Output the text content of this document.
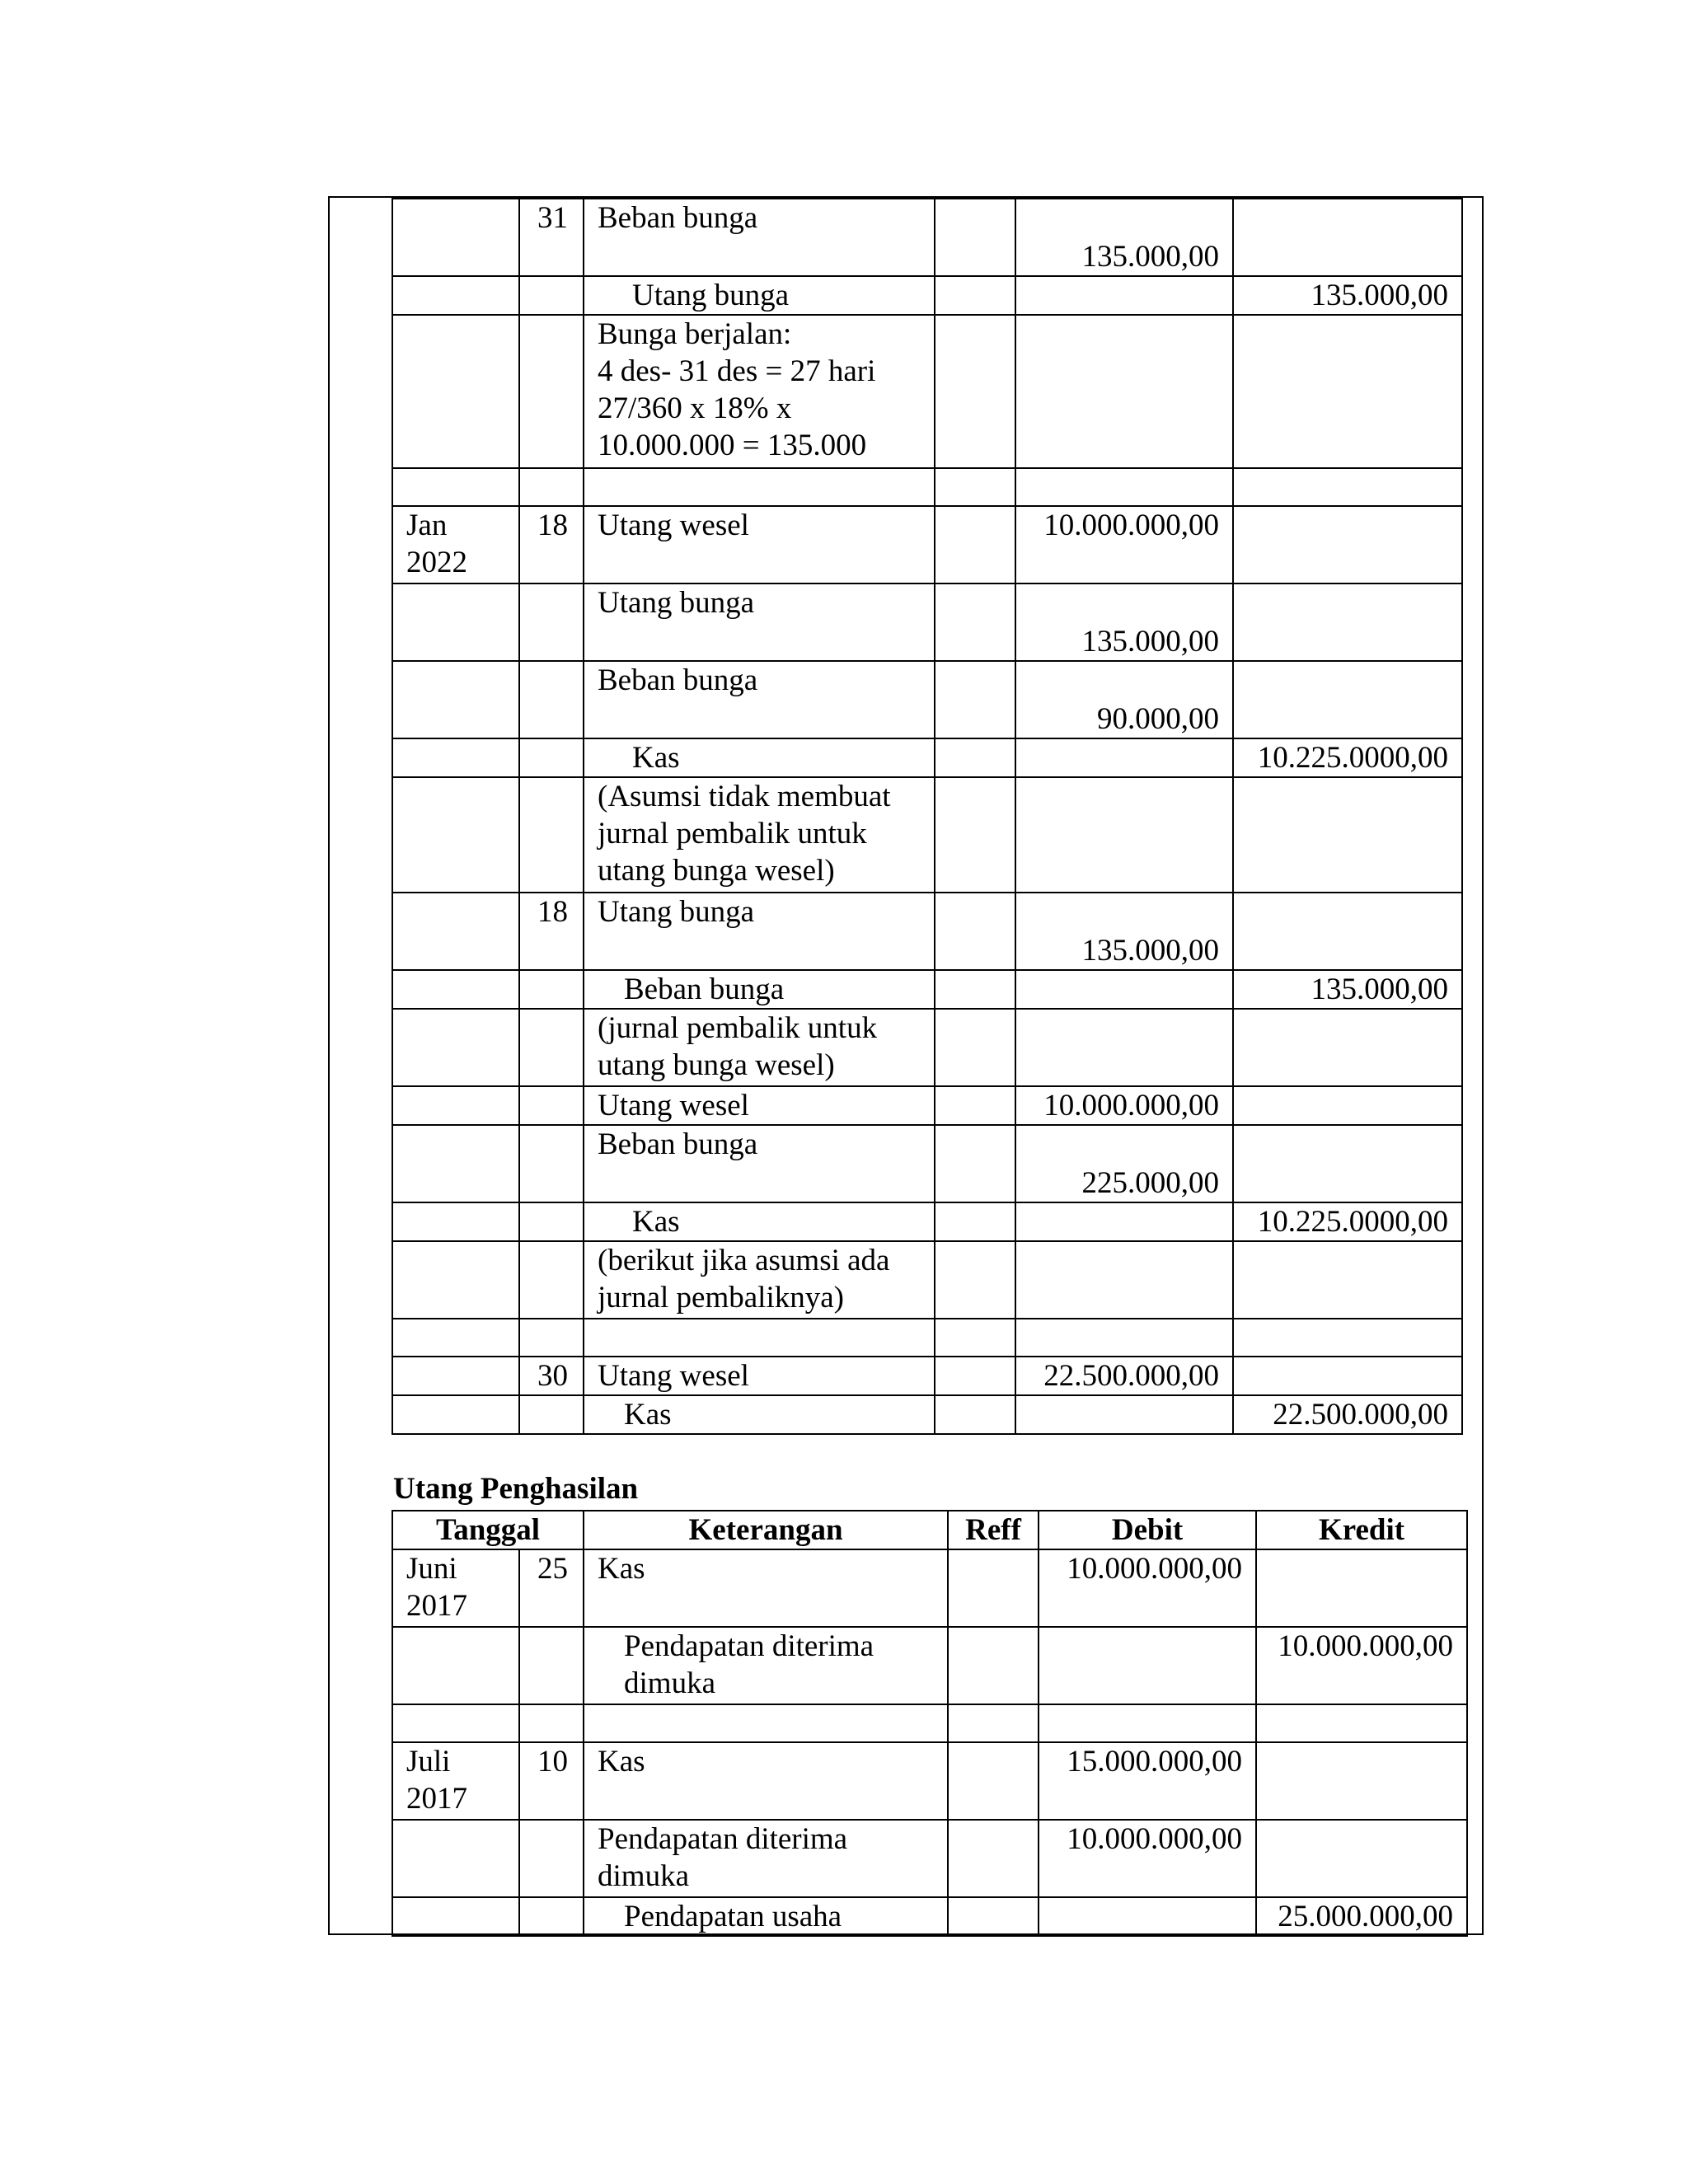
	31	Beban bunga		135.000,00	
		Utang bunga			135.000,00
		Bunga berjalan:
4 des- 31 des = 27 hari
27/360 x 18% x
10.000.000 = 135.000			

Jan
2022	18	Utang wesel		10.000.000,00	
		Utang bunga		135.000,00	
		Beban bunga		90.000,00	
		Kas			10.225.0000,00
		(Asumsi tidak membuat
jurnal pembalik untuk
utang bunga wesel)			
	18	Utang bunga		135.000,00	
		Beban bunga			135.000,00
		(jurnal pembalik untuk
utang bunga wesel)			
		Utang wesel		10.000.000,00	
		Beban bunga		225.000,00	
		Kas			10.225.0000,00
		(berikut jika asumsi ada
jurnal pembaliknya)			

	30	Utang wesel		22.500.000,00	
		Kas			22.500.000,00
Utang Penghasilan
Tanggal		Keterangan	Reff	Debit	Kredit
Juni
2017	25	Kas		10.000.000,00	
		Pendapatan diterima
dimuka			10.000.000,00

Juli
2017	10	Kas		15.000.000,00	
		Pendapatan diterima
dimuka		10.000.000,00	
		Pendapatan usaha			25.000.000,00
